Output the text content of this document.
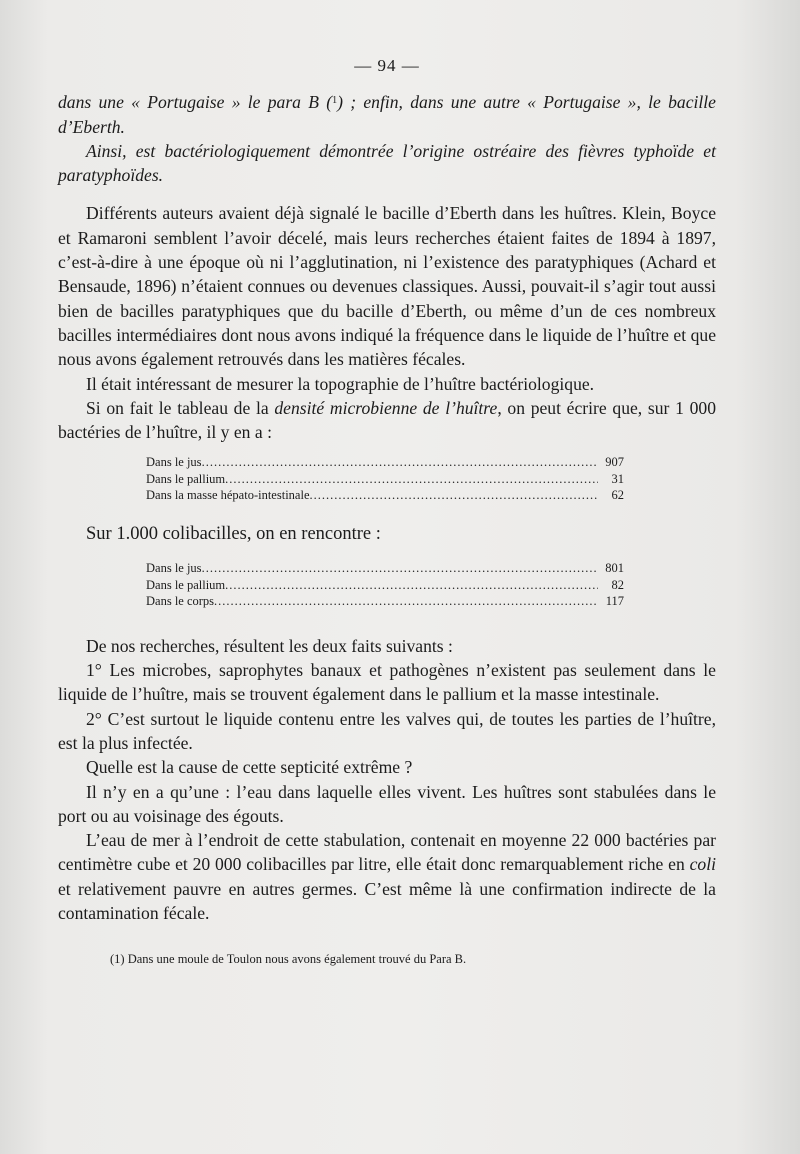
— 94 —

dans une « Portugaise » le para B ($^1$) ; enfin, dans une autre « Portugaise », le bacille d’Eberth.

Ainsi, est bactériologiquement démontrée l’origine ostréaire des fièvres typhoïde et paratyphoïdes.

Différents auteurs avaient déjà signalé le bacille d’Eberth dans les huîtres. Klein, Boyce et Ramaroni semblent l’avoir décelé, mais leurs recherches étaient faites de 1894 à 1897, c’est-à-dire à une époque où ni l’agglutination, ni l’existence des paratyphiques (Achard et Bensaude, 1896) n’étaient connues ou devenues classiques. Aussi, pouvait-il s’agir tout aussi bien de bacilles paratyphiques que du bacille d’Eberth, ou même d’un de ces nombreux bacilles intermédiaires dont nous avons indiqué la fréquence dans le liquide de l’huître et que nous avons également retrouvés dans les matières fécales.

Il était intéressant de mesurer la topographie de l’huître bactériologique.

Si on fait le tableau de la densité microbienne de l’huître, on peut écrire que, sur 1 000 bactéries de l’huître, il y en a :

Dans le jus .....	907
Dans le pallium .....	31
Dans la masse hépato-intestinale .....	62

Sur 1.000 colibacilles, on en rencontre :

Dans le jus .....	801
Dans le pallium .....	82
Dans le corps .....	117

De nos recherches, résultent les deux faits suivants :

1° Les microbes, saprophytes banaux et pathogènes n’existent pas seulement dans le liquide de l’huître, mais se trouvent également dans le pallium et la masse intestinale.

2° C’est surtout le liquide contenu entre les valves qui, de toutes les parties de l’huître, est la plus infectée.

Quelle est la cause de cette septicité extrême ?

Il n’y en a qu’une : l’eau dans laquelle elles vivent. Les huîtres sont stabulées dans le port ou au voisinage des égouts.

L’eau de mer à l’endroit de cette stabulation, contenait en moyenne 22 000 bactéries par centimètre cube et 20 000 colibacilles par litre, elle était donc remarquablement riche en coli et relativement pauvre en autres germes. C’est même là une confirmation indirecte de la contamination fécale.

(1) Dans une moule de Toulon nous avons également trouvé du Para B.
